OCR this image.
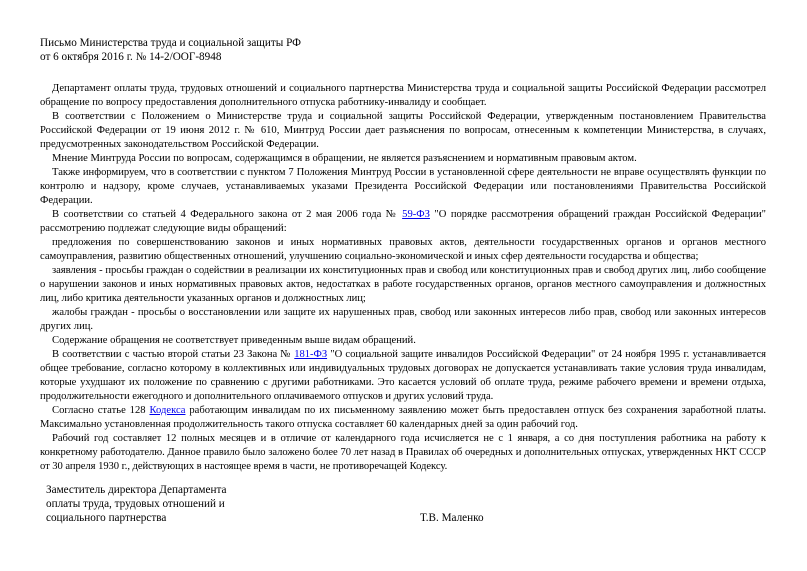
Письмо Министерства труда и социальной защиты РФ

от 6 октября 2016 г. № 14-2/ООГ-8948

Департамент оплаты труда, трудовых отношений и социального партнерства Министерства труда и социальной защиты Российской Федерации рассмотрел обращение по вопросу предоставления дополнительного отпуска работнику-инвалиду и сообщает.

В соответствии с Положением о Министерстве труда и социальной защиты Российской Федерации, утвержденным постановлением Правительства Российской Федерации от 19 июня 2012 г. № 610, Минтруд России дает разъяснения по вопросам, отнесенным к компетенции Министерства, в случаях, предусмотренных законодательством Российской Федерации.

Мнение Минтруда России по вопросам, содержащимся в обращении, не является разъяснением и нормативным правовым актом.

Также информируем, что в соответствии с пунктом 7 Положения Минтруд России в установленной сфере деятельности не вправе осуществлять функции по контролю и надзору, кроме случаев, устанавливаемых указами Президента Российской Федерации или постановлениями Правительства Российской Федерации.

В соответствии со статьей 4 Федерального закона от 2 мая 2006 года № 59-ФЗ "О порядке рассмотрения обращений граждан Российской Федерации" рассмотрению подлежат следующие виды обращений:

предложения по совершенствованию законов и иных нормативных правовых актов, деятельности государственных органов и органов местного самоуправления, развитию общественных отношений, улучшению социально-экономической и иных сфер деятельности государства и общества;

заявления - просьбы граждан о содействии в реализации их конституционных прав и свобод или конституционных прав и свобод других лиц, либо сообщение о нарушении законов и иных нормативных правовых актов, недостатках в работе государственных органов, органов местного самоуправления и должностных лиц, либо критика деятельности указанных органов и должностных лиц;

жалобы граждан - просьбы о восстановлении или защите их нарушенных прав, свобод или законных интересов либо прав, свобод или законных интересов других лиц.

Содержание обращения не соответствует приведенным выше видам обращений.

В соответствии с частью второй статьи 23 Закона № 181-ФЗ "О социальной защите инвалидов Российской Федерации" от 24 ноября 1995 г. устанавливается общее требование, согласно которому в коллективных или индивидуальных трудовых договорах не допускается устанавливать такие условия труда инвалидам, которые ухудшают их положение по сравнению с другими работниками. Это касается условий об оплате труда, режиме рабочего времени и времени отдыха, продолжительности ежегодного и дополнительного оплачиваемого отпусков и других условий труда.

Согласно статье 128 Кодекса работающим инвалидам по их письменному заявлению может быть предоставлен отпуск без сохранения заработной платы. Максимально установленная продолжительность такого отпуска составляет 60 календарных дней за один рабочий год.

Рабочий год составляет 12 полных месяцев и в отличие от календарного года исчисляется не с 1 января, а со дня поступления работника на работу к конкретному работодателю. Данное правило было заложено более 70 лет назад в Правилах об очередных и дополнительных отпусках, утвержденных НКТ СССР от 30 апреля 1930 г., действующих в настоящее время в части, не противоречащей Кодексу.

Заместитель директора Департамента
оплаты труда, трудовых отношений и
социального партнерства	Т.В. Маленко
